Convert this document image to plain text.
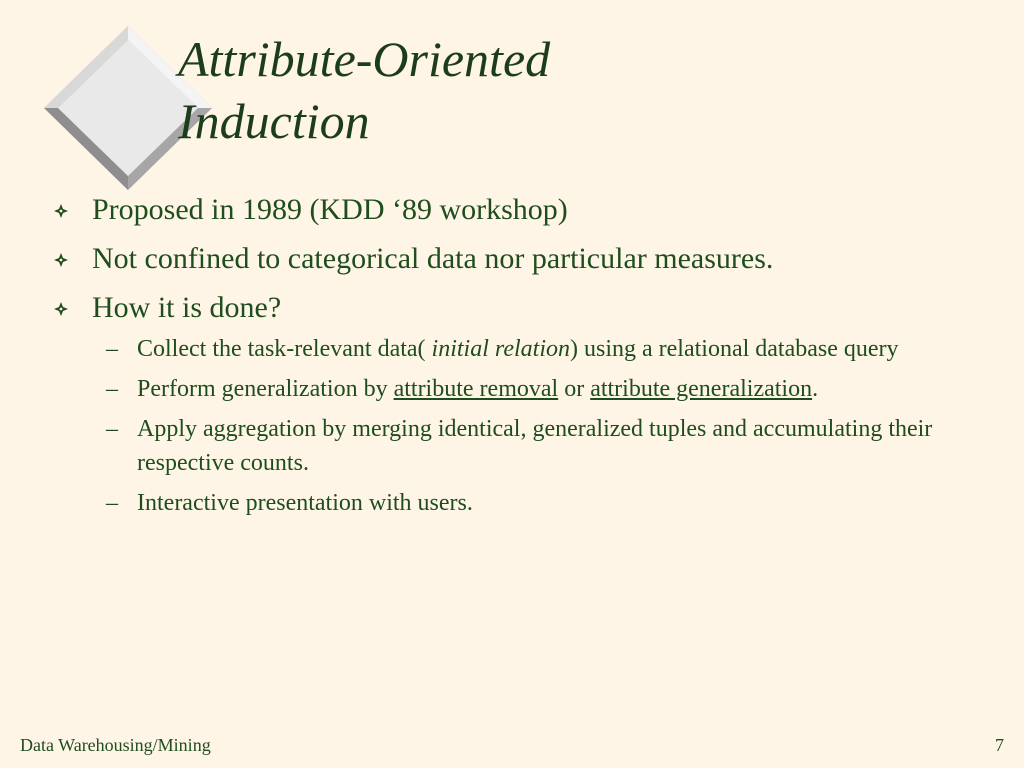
Attribute-Oriented
Induction
Proposed in 1989 (KDD ‘89 workshop)
Not confined to categorical data nor particular measures.
How it is done?
– Collect the task-relevant data( initial relation) using a relational database query
– Perform generalization by attribute removal or attribute generalization.
– Apply aggregation by merging identical, generalized tuples and accumulating their respective counts.
– Interactive presentation with users.
Data Warehousing/Mining	7
